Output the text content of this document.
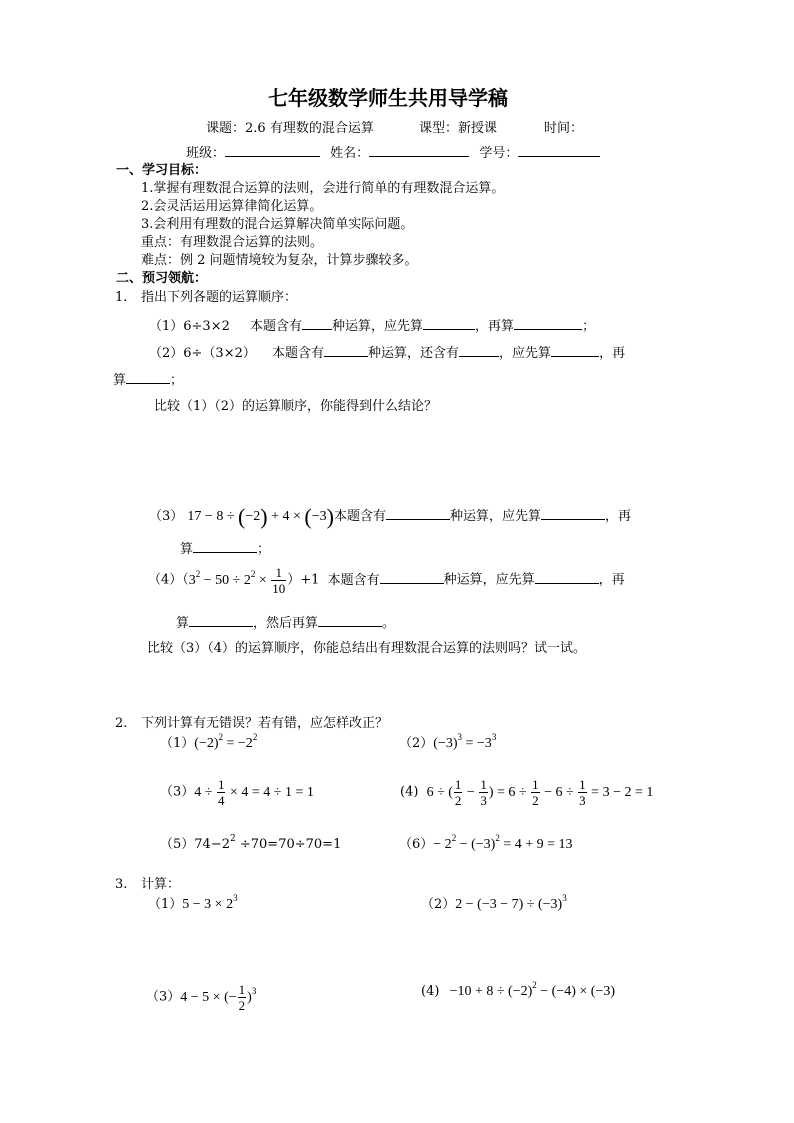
七年级数学师生共用导学稿
课题：2.6 有理数的混合运算	课型：新授课	时间：
班级：	姓名：	学号：
一、学习目标：
1.掌握有理数混合运算的法则，会进行简单的有理数混合运算。
2.会灵活运用运算律简化运算。
3.会利用有理数的混合运算解决简单实际问题。
重点：有理数混合运算的法则。
难点：例 2 问题情境较为复杂，计算步骤较多。
二、预习领航：
1. 指出下列各题的运算顺序：
（1）6÷3×2 本题含有 种运算，应先算	，再算	；
（2）6÷（3×2） 本题含有	种运算，还含有	，应先算	，再
算	；
比较（1）（2）的运算顺序，你能得到什么结论？
（3） 17 − 8 ÷ (−2) + 4 × (−3)本题含有	种运算，应先算	，再
算	；
$(4)(3^2 - 50 \div 2^2 \times \frac{1}{10} )+1$ 本题含有	种运算，应先算	，再
算	，然后再算	。
比较（3）（4）的运算顺序，你能总结出有理数混合运算的法则吗？试一试。
2. 下列计算有无错误？若有错，应怎样改正？
$(1)(-2)^2 = -2^2$	$(2)(-3)^3 = -3^3$
$(3)4 \div \frac{1}{4} \times 4 = 4 \div 1 = 1$	(4) 6 ÷ ( $\frac{1}{2} - \frac{1}{3}$ ) = $6 \div \frac{1}{2} - 6 \div \frac{1}{3} = 3 - 2 = 1$
$(5)74-2^2 \div 70=70\div 70=1$	$(6)- 2^2 - (-3)^2 = 4 + 9 = 13$
3. 计算：
$(1)5 - 3 \times 2^3$	$(2)2 - (-3 - 7) \div (-3)^3$
（3）4 − 5 × (− $\frac{1}{2} )^3$	$(4) -10 + 8 \div (-2)^2 - (-4) \times (-3)$
